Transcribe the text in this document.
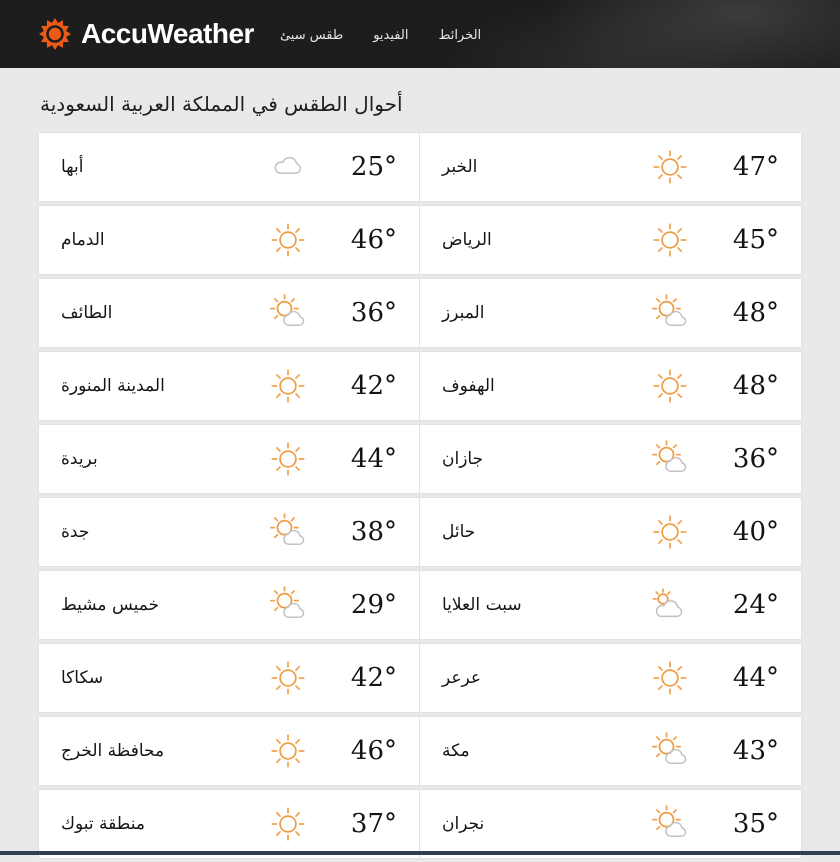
AccuWeather طقس سيئ الفيديو الخرائط
أحوال الطقس في المملكة العربية السعودية
أبها	25°
الدمام	46°
الطائف	36°
المدينة المنورة	42°
بريدة	44°
جدة	38°
خميس مشيط	29°
سكاكا	42°
محافظة الخرج	46°
منطقة تبوك	37°
الخبر	47°
الرياض	45°
المبرز	48°
الهفوف	48°
جازان	36°
حائل	40°
سبت العلايا	24°
عرعر	44°
مكة	43°
نجران	35°
